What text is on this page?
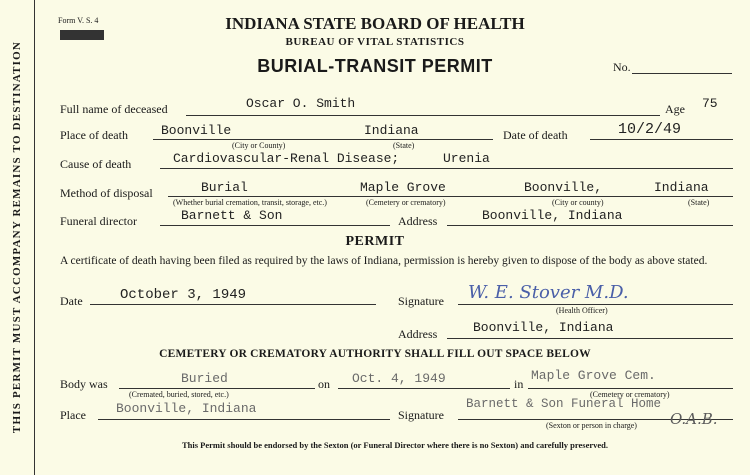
THIS PERMIT MUST ACCOMPANY REMAINS TO DESTINATION
Form V. S. 4	INDIANA STATE BOARD OF HEALTH
BUREAU OF VITAL STATISTICS
BURIAL-TRANSIT PERMIT	No.
Full name of deceased	Oscar O. Smith	Age 75
Place of death	Boonville	Indiana
(City or County)	(State)
Date of death	10/2/49
Cause of death	Cardiovascular-Renal Disease;	Urenia
Method of disposal	Burial	Maple Grove	Boonville,	Indiana
(Whether burial cremation, transit, storage, etc.)	(Cemetery or crematory)	(City or county)	(State)
Funeral director	Barnett & Son	Address	Boonville, Indiana
PERMIT
A certificate of death having been filed as required by the laws of Indiana, permission is hereby given to dispose of the body as above stated.
Date	October 3, 1949	Signature W. E. Stover M.D.
(Health Officer)
Address	Boonville, Indiana
CEMETERY OR CREMATORY AUTHORITY SHALL FILL OUT SPACE BELOW
Body was	Buried
(Cremated, buried, stored, etc.)
on Oct. 4, 1949	in
Maple Grove Cem.
(Cemetery or crematory)
Place Boonville, Indiana	Signature
Barnett & Son Funeral Home
(Sexton or person in charge) O.A.B.
This Permit should be endorsed by the Sexton (or Funeral Director where there is no Sexton) and carefully preserved.
